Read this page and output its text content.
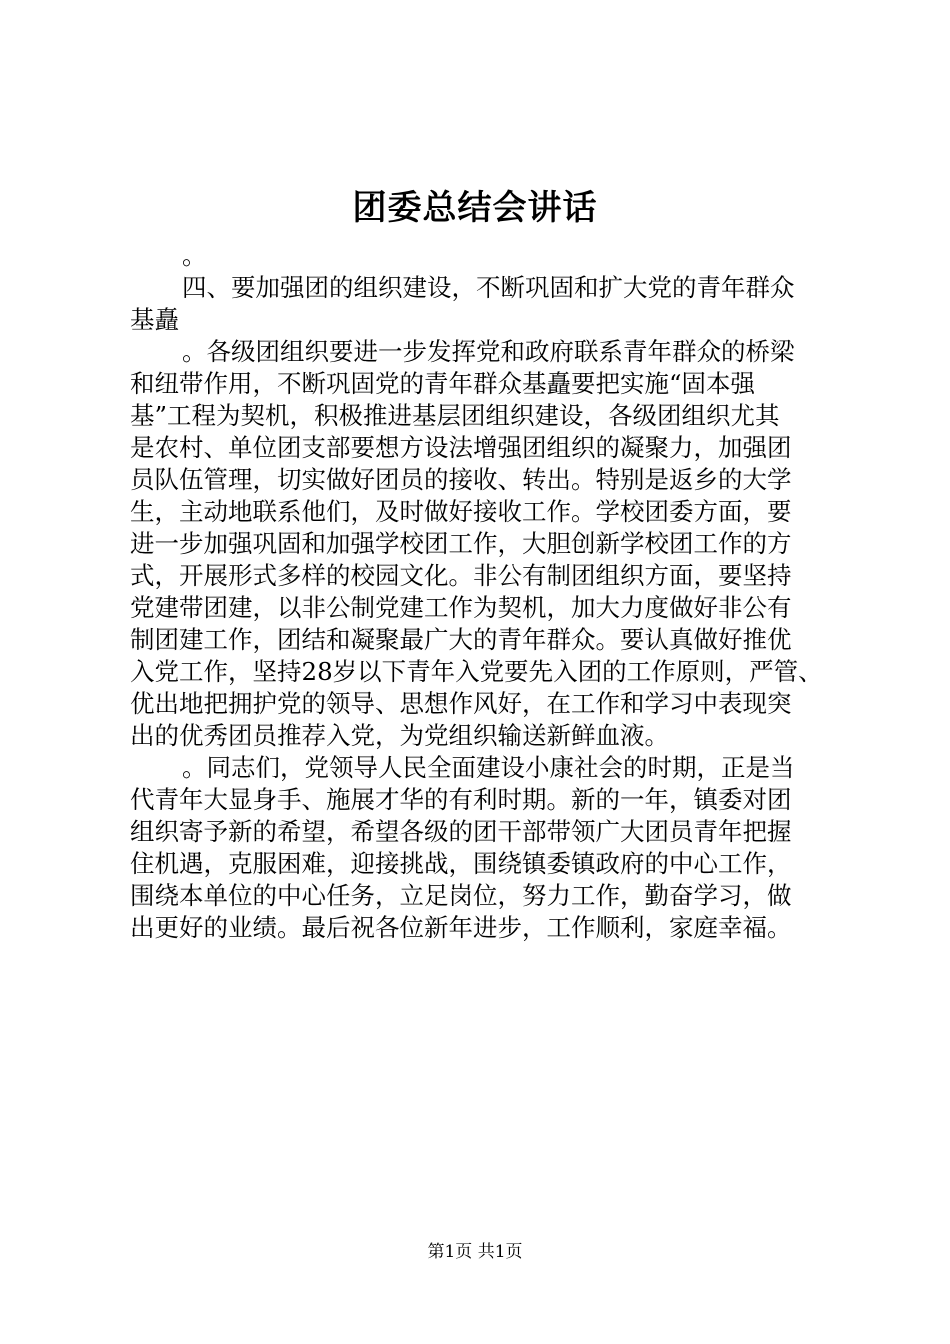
团委总结会讲话
。
四、要加强团的组织建设，不断巩固和扩大党的青年群众
基矗
。各级团组织要进一步发挥党和政府联系青年群众的桥梁
和纽带作用，不断巩固党的青年群众基矗要把实施“固本强
基”工程为契机，积极推进基层团组织建设，各级团组织尤其
是农村、单位团支部要想方设法增强团组织的凝聚力，加强团
员队伍管理，切实做好团员的接收、转出。特别是返乡的大学
生，主动地联系他们，及时做好接收工作。学校团委方面，要
进一步加强巩固和加强学校团工作，大胆创新学校团工作的方
式，开展形式多样的校园文化。非公有制团组织方面，要坚持
党建带团建，以非公制党建工作为契机，加大力度做好非公有
制团建工作，团结和凝聚最广大的青年群众。要认真做好推优
入党工作，坚持28岁以下青年入党要先入团的工作原则，严管、
优出地把拥护党的领导、思想作风好，在工作和学习中表现突
出的优秀团员推荐入党，为党组织输送新鲜血液。
。同志们，党领导人民全面建设小康社会的时期，正是当
代青年大显身手、施展才华的有利时期。新的一年，镇委对团
组织寄予新的希望，希望各级的团干部带领广大团员青年把握
住机遇，克服困难，迎接挑战，围绕镇委镇政府的中心工作，
围绕本单位的中心任务，立足岗位，努力工作，勤奋学习，做
出更好的业绩。最后祝各位新年进步，工作顺利，家庭幸福。
第1页 共1页
